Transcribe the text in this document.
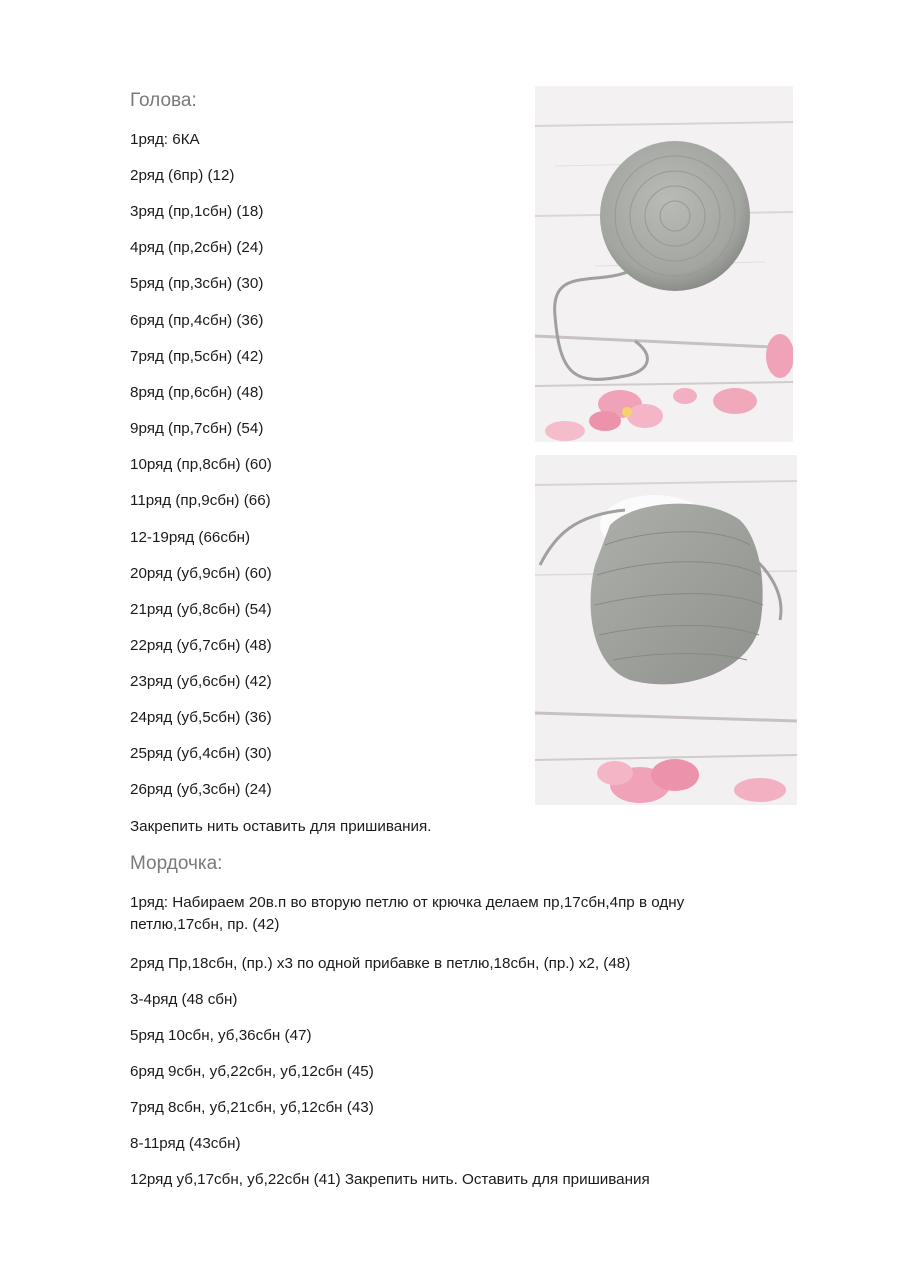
Голова:
1ряд: 6КА
2ряд (6пр) (12)
3ряд (пр,1сбн) (18)
4ряд (пр,2сбн) (24)
5ряд (пр,3сбн) (30)
6ряд (пр,4сбн) (36)
7ряд (пр,5сбн) (42)
8ряд (пр,6сбн) (48)
9ряд (пр,7сбн) (54)
10ряд (пр,8сбн) (60)
11ряд (пр,9сбн) (66)
12-19ряд (66сбн)
20ряд (уб,9сбн) (60)
21ряд (уб,8сбн) (54)
22ряд (уб,7сбн) (48)
23ряд (уб,6сбн) (42)
24ряд (уб,5сбн) (36)
25ряд (уб,4сбн) (30)
26ряд (уб,3сбн) (24)
Закрепить нить оставить для пришивания.
Мордочка:
1ряд: Набираем 20в.п во вторую петлю от крючка делаем пр,17сбн,4пр в одну петлю,17сбн, пр. (42)
2ряд Пр,18сбн, (пр.) х3 по одной прибавке в петлю,18сбн, (пр.) х2, (48)
3-4ряд (48 сбн)
5ряд 10сбн, уб,36сбн (47)
6ряд 9сбн, уб,22сбн, уб,12сбн (45)
7ряд 8сбн, уб,21сбн, уб,12сбн (43)
8-11ряд (43сбн)
12ряд уб,17сбн, уб,22сбн (41) Закрепить нить. Оставить для пришивания
